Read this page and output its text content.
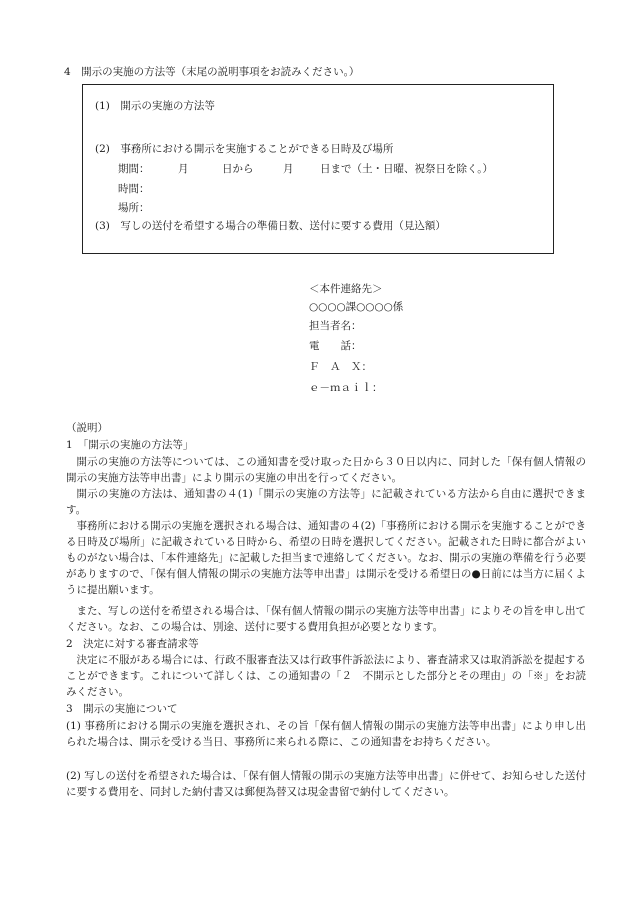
4　開示の実施の方法等（末尾の説明事項をお読みください。）
(1)　開示の実施の方法等
(2)　事務所における開示を実施することができる日時及び場所
期間：	月	日から	月	日まで（土・日曜、祝祭日を除く。）
時間：
場所：
(3)　写しの送付を希望する場合の準備日数、送付に要する費用（見込額）
＜本件連絡先＞
○○○○課○○○○係
担当者名：
電　　話：
Ｆ　Ａ　Ｘ：
ｅ－ｍａｉｌ：
（説明）
1　「開示の実施の方法等」
開示の実施の方法等については、この通知書を受け取った日から３０日以内に、同封した「保有個人情報の開示の実施方法等申出書」により開示の実施の申出を行ってください。
開示の実施の方法は、通知書の４(1)「開示の実施の方法等」に記載されている方法から自由に選択できます。
事務所における開示の実施を選択される場合は、通知書の４(2)「事務所における開示を実施することができる日時及び場所」に記載されている日時から、希望の日時を選択してください。記載された日時に都合がよいものがない場合は、「本件連絡先」に記載した担当まで連絡してください。なお、開示の実施の準備を行う必要がありますので、「保有個人情報の開示の実施方法等申出書」は開示を受ける希望日の●日前には当方に届くように提出願います。
また、写しの送付を希望される場合は、「保有個人情報の開示の実施方法等申出書」によりその旨を申し出てください。なお、この場合は、別途、送付に要する費用負担が必要となります。
2　決定に対する審査請求等
決定に不服がある場合には、行政不服審査法又は行政事件訴訟法により、審査請求又は取消訴訟を提起することができます。これについて詳しくは、この通知書の「２　不開示とした部分とその理由」の「※」をお読みください。
3　開示の実施について
(1) 事務所における開示の実施を選択され、その旨「保有個人情報の開示の実施方法等申出書」により申し出られた場合は、開示を受ける当日、事務所に来られる際に、この通知書をお持ちください。
(2) 写しの送付を希望された場合は、「保有個人情報の開示の実施方法等申出書」に併せて、お知らせした送付に要する費用を、同封した納付書又は郵便為替又は現金書留で納付してください。
